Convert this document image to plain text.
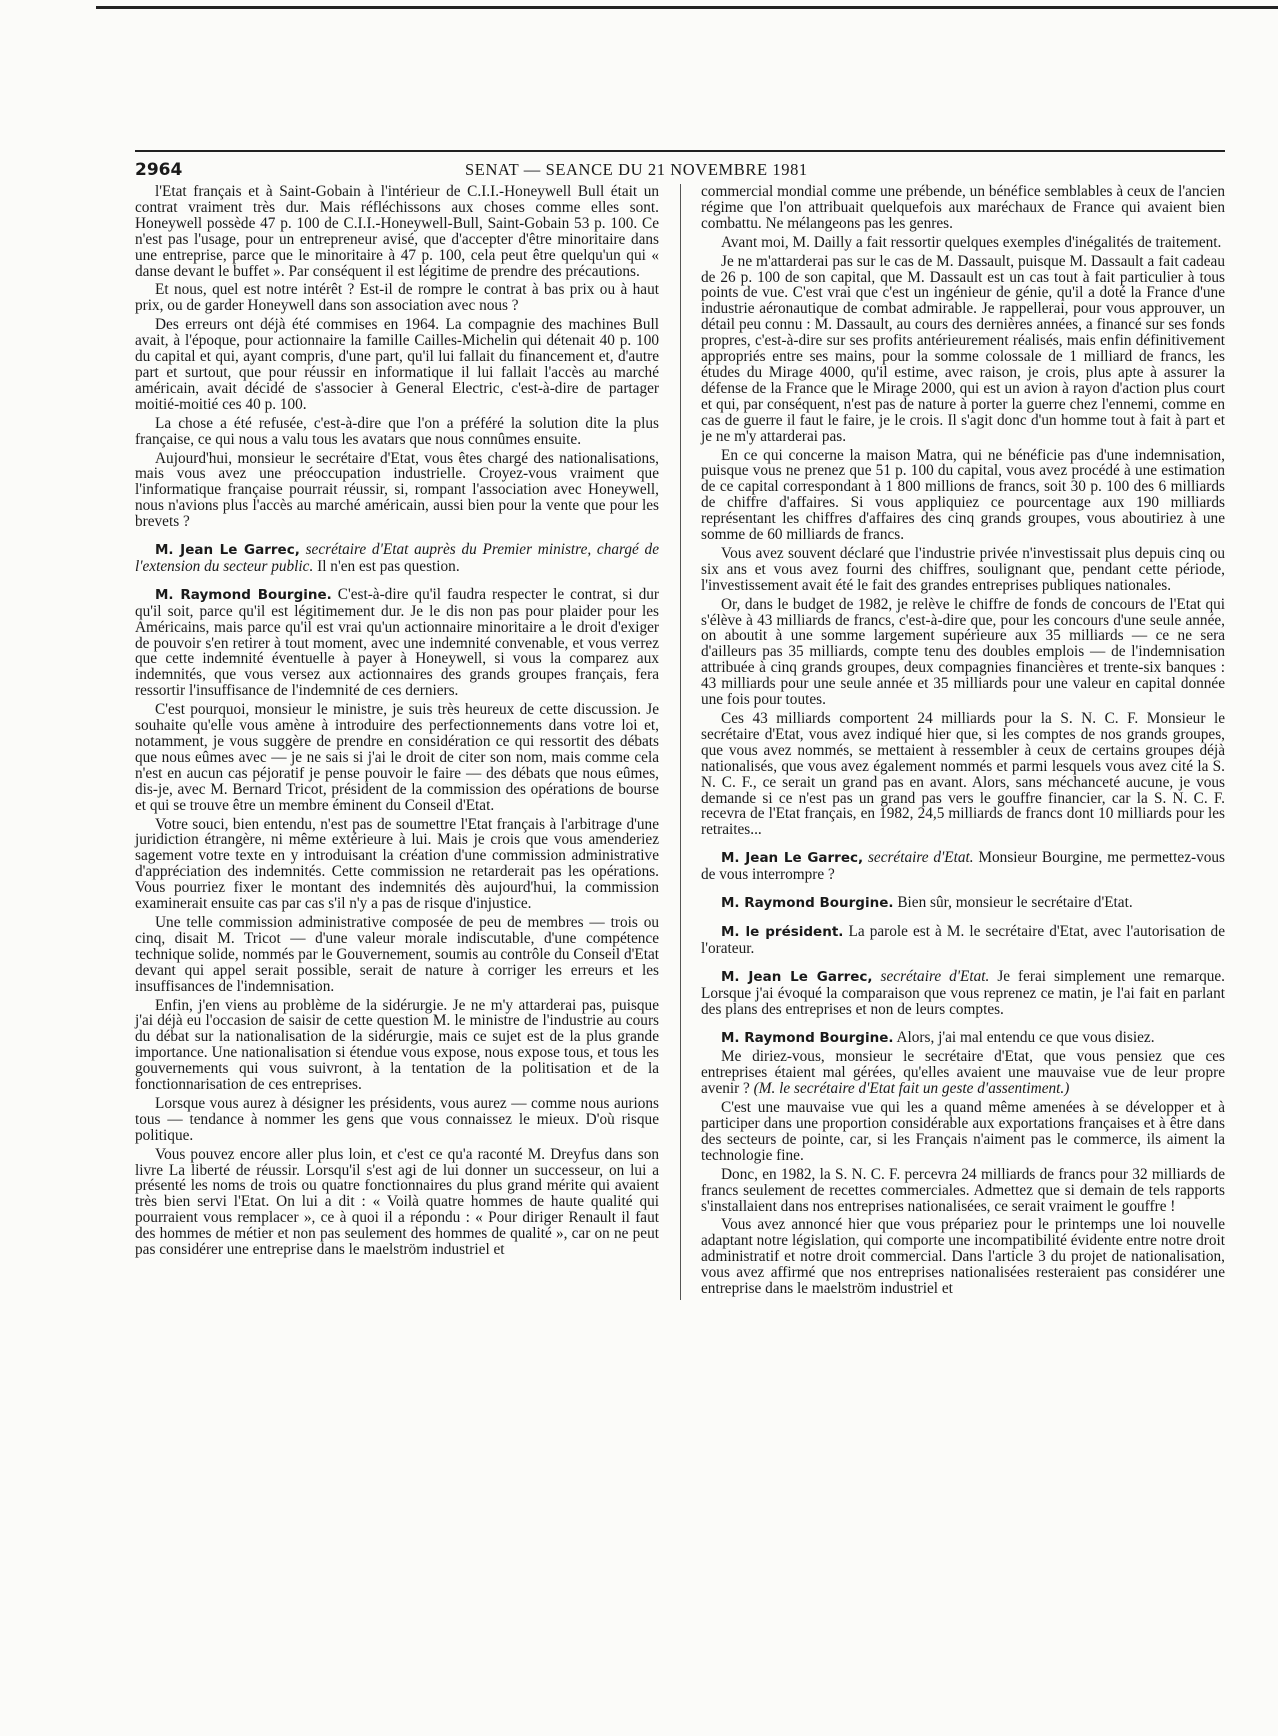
2964	SENAT — SEANCE DU 21 NOVEMBRE 1981

l'Etat français et à Saint-Gobain à l'intérieur de C.I.I.-Honeywell Bull était un contrat vraiment très dur. Mais réfléchissons aux choses comme elles sont. Honeywell possède 47 p. 100 de C.I.I.-Honeywell-Bull, Saint-Gobain 53 p. 100. Ce n'est pas l'usage, pour un entrepreneur avisé, que d'accepter d'être minoritaire dans une entreprise, parce que le minoritaire à 47 p. 100, cela peut être quelqu'un qui « danse devant le buffet ». Par conséquent il est légitime de prendre des précautions.

Et nous, quel est notre intérêt ? Est-il de rompre le contrat à bas prix ou à haut prix, ou de garder Honeywell dans son association avec nous ?

Des erreurs ont déjà été commises en 1964. La compagnie des machines Bull avait, à l'époque, pour actionnaire la famille Cailles-Michelin qui détenait 40 p. 100 du capital et qui, ayant compris, d'une part, qu'il lui fallait du financement et, d'autre part et surtout, que pour réussir en informatique il lui fallait l'accès au marché américain, avait décidé de s'associer à General Electric, c'est-à-dire de partager moitié-moitié ces 40 p. 100.

La chose a été refusée, c'est-à-dire que l'on a préféré la solution dite la plus française, ce qui nous a valu tous les avatars que nous connûmes ensuite.

Aujourd'hui, monsieur le secrétaire d'Etat, vous êtes chargé des nationalisations, mais vous avez une préoccupation industrielle. Croyez-vous vraiment que l'informatique française pourrait réussir, si, rompant l'association avec Honeywell, nous n'avions plus l'accès au marché américain, aussi bien pour la vente que pour les brevets ?

M. Jean Le Garrec, secrétaire d'Etat auprès du Premier ministre, chargé de l'extension du secteur public. Il n'en est pas question.

M. Raymond Bourgine. C'est-à-dire qu'il faudra respecter le contrat, si dur qu'il soit, parce qu'il est légitimement dur. Je le dis non pas pour plaider pour les Américains, mais parce qu'il est vrai qu'un actionnaire minoritaire a le droit d'exiger de pouvoir s'en retirer à tout moment, avec une indemnité convenable, et vous verrez que cette indemnité éventuelle à payer à Honeywell, si vous la comparez aux indemnités, que vous versez aux actionnaires des grands groupes français, fera ressortir l'insuffisance de l'indemnité de ces derniers.

C'est pourquoi, monsieur le ministre, je suis très heureux de cette discussion. Je souhaite qu'elle vous amène à introduire des perfectionnements dans votre loi et, notamment, je vous suggère de prendre en considération ce qui ressortit des débats que nous eûmes avec — je ne sais si j'ai le droit de citer son nom, mais comme cela n'est en aucun cas péjoratif je pense pouvoir le faire — des débats que nous eûmes, dis-je, avec M. Bernard Tricot, président de la commission des opérations de bourse et qui se trouve être un membre éminent du Conseil d'Etat.

Votre souci, bien entendu, n'est pas de soumettre l'Etat français à l'arbitrage d'une juridiction étrangère, ni même extérieure à lui. Mais je crois que vous amenderiez sagement votre texte en y introduisant la création d'une commission administrative d'appréciation des indemnités. Cette commission ne retarderait pas les opérations. Vous pourriez fixer le montant des indemnités dès aujourd'hui, la commission examinerait ensuite cas par cas s'il n'y a pas de risque d'injustice.

Une telle commission administrative composée de peu de membres — trois ou cinq, disait M. Tricot — d'une valeur morale indiscutable, d'une compétence technique solide, nommés par le Gouvernement, soumis au contrôle du Conseil d'Etat devant qui appel serait possible, serait de nature à corriger les erreurs et les insuffisances de l'indemnisation.

Enfin, j'en viens au problème de la sidérurgie. Je ne m'y attarderai pas, puisque j'ai déjà eu l'occasion de saisir de cette question M. le ministre de l'industrie au cours du débat sur la nationalisation de la sidérurgie, mais ce sujet est de la plus grande importance. Une nationalisation si étendue vous expose, nous expose tous, et tous les gouvernements qui vous suivront, à la tentation de la politisation et de la fonctionnarisation de ces entreprises.

Lorsque vous aurez à désigner les présidents, vous aurez — comme nous aurions tous — tendance à nommer les gens que vous connaissez le mieux. D'où risque politique.

Vous pouvez encore aller plus loin, et c'est ce qu'a raconté M. Dreyfus dans son livre La liberté de réussir. Lorsqu'il s'est agi de lui donner un successeur, on lui a présenté les noms de trois ou quatre fonctionnaires du plus grand mérite qui avaient très bien servi l'Etat. On lui a dit : « Voilà quatre hommes de haute qualité qui pourraient vous remplacer », ce à quoi il a répondu : « Pour diriger Renault il faut des hommes de métier et non pas seulement des hommes de qualité », car on ne peut pas considérer une entreprise dans le maelström industriel et

commercial mondial comme une prébende, un bénéfice semblables à ceux de l'ancien régime que l'on attribuait quelquefois aux maréchaux de France qui avaient bien combattu. Ne mélangeons pas les genres.

Avant moi, M. Dailly a fait ressortir quelques exemples d'inégalités de traitement.

Je ne m'attarderai pas sur le cas de M. Dassault, puisque M. Dassault a fait cadeau de 26 p. 100 de son capital, que M. Dassault est un cas tout à fait particulier à tous points de vue. C'est vrai que c'est un ingénieur de génie, qu'il a doté la France d'une industrie aéronautique de combat admirable. Je rappellerai, pour vous approuver, un détail peu connu : M. Dassault, au cours des dernières années, a financé sur ses fonds propres, c'est-à-dire sur ses profits antérieurement réalisés, mais enfin définitivement appropriés entre ses mains, pour la somme colossale de 1 milliard de francs, les études du Mirage 4000, qu'il estime, avec raison, je crois, plus apte à assurer la défense de la France que le Mirage 2000, qui est un avion à rayon d'action plus court et qui, par conséquent, n'est pas de nature à porter la guerre chez l'ennemi, comme en cas de guerre il faut le faire, je le crois. Il s'agit donc d'un homme tout à fait à part et je ne m'y attarderai pas.

En ce qui concerne la maison Matra, qui ne bénéficie pas d'une indemnisation, puisque vous ne prenez que 51 p. 100 du capital, vous avez procédé à une estimation de ce capital correspondant à 1 800 millions de francs, soit 30 p. 100 des 6 milliards de chiffre d'affaires. Si vous appliquiez ce pourcentage aux 190 milliards représentant les chiffres d'affaires des cinq grands groupes, vous aboutiriez à une somme de 60 milliards de francs.

Vous avez souvent déclaré que l'industrie privée n'investissait plus depuis cinq ou six ans et vous avez fourni des chiffres, soulignant que, pendant cette période, l'investissement avait été le fait des grandes entreprises publiques nationales.

Or, dans le budget de 1982, je relève le chiffre de fonds de concours de l'Etat qui s'élève à 43 milliards de francs, c'est-à-dire que, pour les concours d'une seule année, on aboutit à une somme largement supérieure aux 35 milliards — ce ne sera d'ailleurs pas 35 milliards, compte tenu des doubles emplois — de l'indemnisation attribuée à cinq grands groupes, deux compagnies financières et trente-six banques : 43 milliards pour une seule année et 35 milliards pour une valeur en capital donnée une fois pour toutes.

Ces 43 milliards comportent 24 milliards pour la S. N. C. F. Monsieur le secrétaire d'Etat, vous avez indiqué hier que, si les comptes de nos grands groupes, que vous avez nommés, se mettaient à ressembler à ceux de certains groupes déjà nationalisés, que vous avez également nommés et parmi lesquels vous avez cité la S. N. C. F., ce serait un grand pas en avant. Alors, sans méchanceté aucune, je vous demande si ce n'est pas un grand pas vers le gouffre financier, car la S. N. C. F. recevra de l'Etat français, en 1982, 24,5 milliards de francs dont 10 milliards pour les retraites...

M. Jean Le Garrec, secrétaire d'Etat. Monsieur Bourgine, me permettez-vous de vous interrompre ?

M. Raymond Bourgine. Bien sûr, monsieur le secrétaire d'Etat.

M. le président. La parole est à M. le secrétaire d'Etat, avec l'autorisation de l'orateur.

M. Jean Le Garrec, secrétaire d'Etat. Je ferai simplement une remarque. Lorsque j'ai évoqué la comparaison que vous reprenez ce matin, je l'ai fait en parlant des plans des entreprises et non de leurs comptes.

M. Raymond Bourgine. Alors, j'ai mal entendu ce que vous disiez.

Me diriez-vous, monsieur le secrétaire d'Etat, que vous pensiez que ces entreprises étaient mal gérées, qu'elles avaient une mauvaise vue de leur propre avenir ? (M. le secrétaire d'Etat fait un geste d'assentiment.)

C'est une mauvaise vue qui les a quand même amenées à se développer et à participer dans une proportion considérable aux exportations françaises et à être dans des secteurs de pointe, car, si les Français n'aiment pas le commerce, ils aiment la technologie fine.

Donc, en 1982, la S. N. C. F. percevra 24 milliards de francs pour 32 milliards de francs seulement de recettes commerciales. Admettez que si demain de tels rapports s'installaient dans nos entreprises nationalisées, ce serait vraiment le gouffre !

Vous avez annoncé hier que vous prépariez pour le printemps une loi nouvelle adaptant notre législation, qui comporte une incompatibilité évidente entre notre droit administratif et notre droit commercial. Dans l'article 3 du projet de nationalisation, vous avez affirmé que nos entreprises nationalisées resteraient pas considérer une entreprise dans le maelström industriel et
